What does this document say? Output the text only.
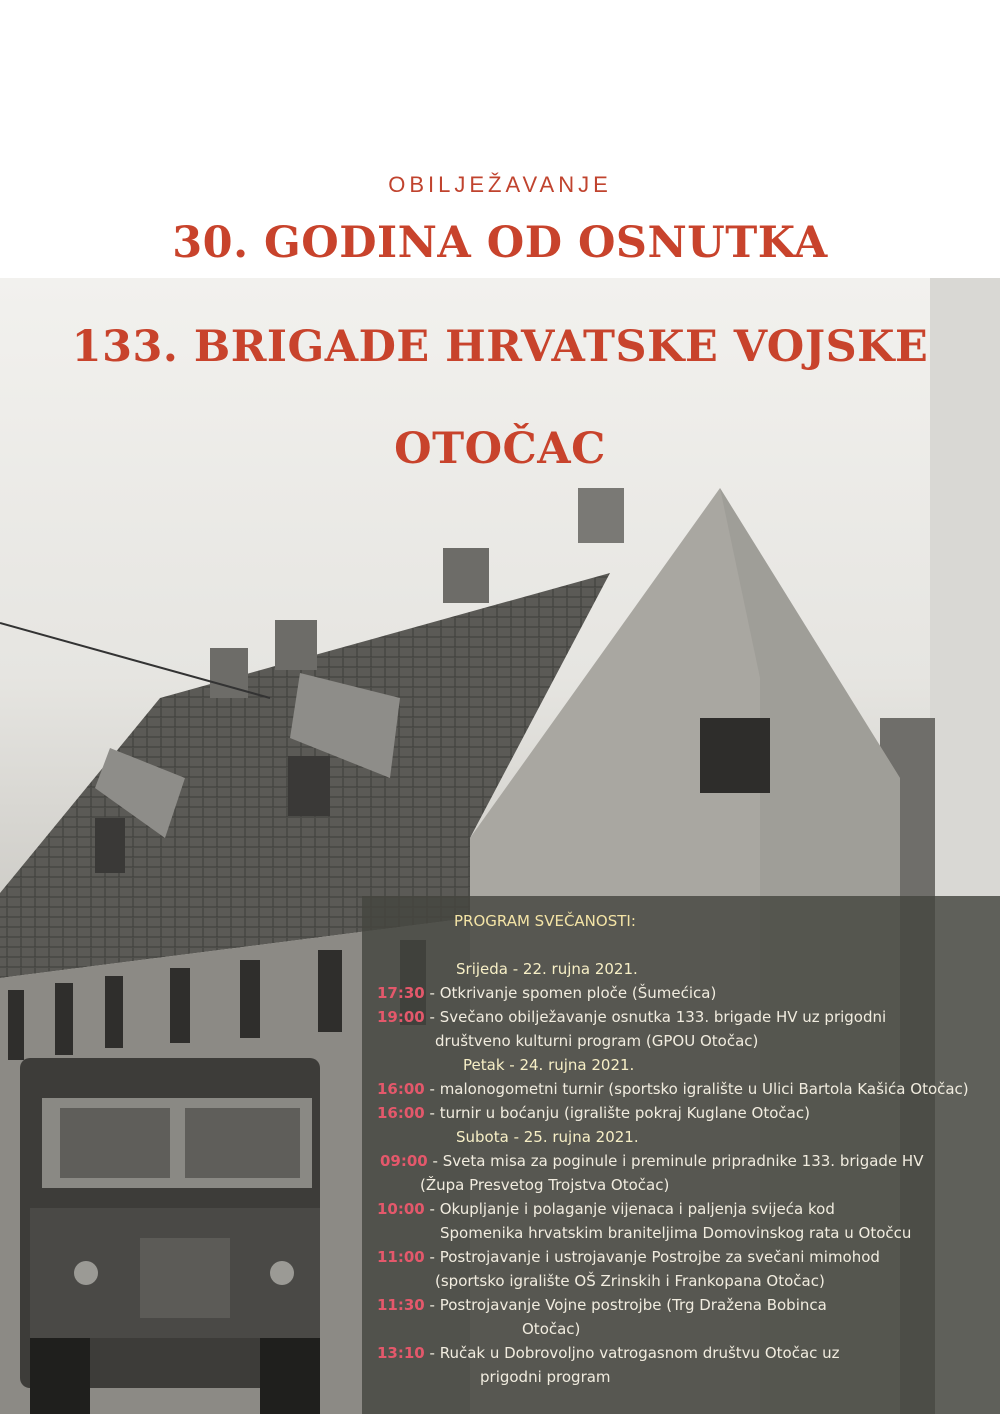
OBILJEŽAVANJE
30. GODINA OD OSNUTKA
133. BRIGADE HRVATSKE VOJSKE
OTOČAC
PROGRAM SVEČANOSTI:
Srijeda - 22. rujna 2021.
17:30 - Otkrivanje spomen ploče (Šumećica)
19:00 - Svečano obilježavanje osnutka 133. brigade HV uz prigodni
društveno kulturni program (GPOU Otočac)
Petak - 24. rujna 2021.
16:00 - malonogometni turnir (sportsko igralište u Ulici Bartola Kašića Otočac)
16:00 - turnir u boćanju (igralište pokraj Kuglane Otočac)
Subota - 25. rujna 2021.
09:00 - Sveta misa za poginule i preminule pripradnike 133. brigade HV
(Župa Presvetog Trojstva Otočac)
10:00 - Okupljanje i polaganje vijenaca i paljenja svijeća kod
Spomenika hrvatskim braniteljima Domovinskog rata u Otočcu
11:00 - Postrojavanje i ustrojavanje Postrojbe za svečani mimohod
(sportsko igralište OŠ Zrinskih i Frankopana Otočac)
11:30 - Postrojavanje Vojne postrojbe (Trg Dražena Bobinca
Otočac)
13:10 - Ručak u Dobrovoljno vatrogasnom društvu Otočac uz
prigodni program
